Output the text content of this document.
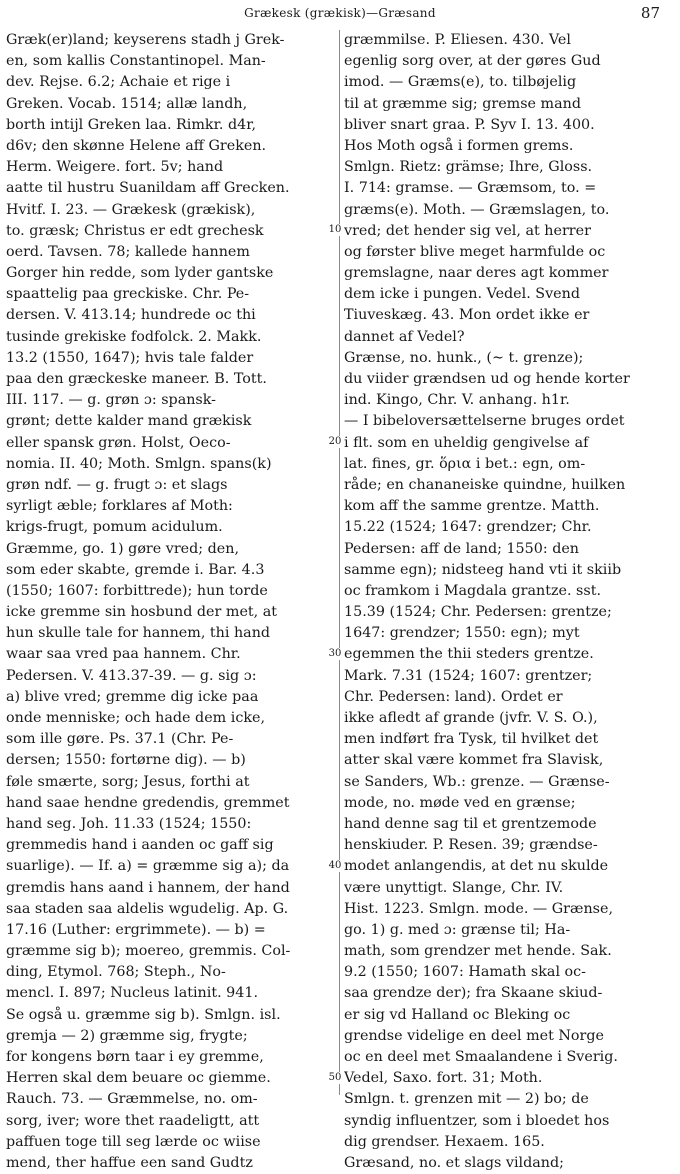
Grækesk (grækisk)—Græsand	87
10
20
30
40
50
Græk(er)land; keyserens stadh j Grek-
en, som kallis Constantinopel. Man-
dev. Rejse. 6.2; Achaie et rige i
Greken. Vocab. 1514; allæ landh,
borth intijl Greken laa. Rimkr. d4r,
d6v; den skønne Helene aff Greken.
Herm. Weigere. fort. 5v; hand
aatte til hustru Suanildam aff Grecken.
Hvitf. I. 23. — Grækesk (grækisk),
to. græsk; Christus er edt grechesk
oerd. Tavsen. 78; kallede hannem
Gorger hin redde, som lyder gantske
spaattelig paa greckiske. Chr. Pe-
dersen. V. 413.14; hundrede oc thi
tusinde grekiske fodfolck. 2. Makk.
13.2 (1550, 1647); hvis tale falder
paa den græckeske maneer. B. Tott.
III. 117. — g. grøn ɔ: spansk-
grønt; dette kalder mand grækisk
eller spansk grøn. Holst, Oeco-
nomia. II. 40; Moth. Smlgn. spans(k)
grøn ndf. — g. frugt ɔ: et slags
syrligt æble; forklares af Moth:
krigs-frugt, pomum acidulum.
Græmme, go. 1) gøre vred; den,
som eder skabte, gremde i. Bar. 4.3
(1550; 1607: forbittrede); hun torde
icke gremme sin hosbund der met, at
hun skulle tale for hannem, thi hand
waar saa vred paa hannem. Chr.
Pedersen. V. 413.37-39. — g. sig ɔ:
a) blive vred; gremme dig icke paa
onde menniske; och hade dem icke,
som ille gøre. Ps. 37.1 (Chr. Pe-
dersen; 1550: fortørne dig). — b)
føle smærte, sorg; Jesus, forthi at
hand saae hendne gredendis, gremmet
hand seg. Joh. 11.33 (1524; 1550:
gremmedis hand i aanden oc gaff sig
suarlige). — If. a) = græmme sig a); da
gremdis hans aand i hannem, der hand
saa staden saa aldelis wgudelig. Ap. G.
17.16 (Luther: ergrimmete). — b) =
græmme sig b); moereo, gremmis. Col-
ding, Etymol. 768; Steph., No-
mencl. I. 897; Nucleus latinit. 941.
Se også u. græmme sig b). Smlgn. isl.
gremja — 2) græmme sig, frygte;
for kongens børn taar i ey gremme,
Herren skal dem beuare oc giemme.
Rauch. 73. — Græmmelse, no. om-
sorg, iver; wore thet raadeligtt, att
paffuen toge till seg lærde oc wiise
mend, ther haffue een sand Gudtz
græmmilse. P. Eliesen. 430. Vel
egenlig sorg over, at der gøres Gud
imod. — Græms(e), to. tilbøjelig
til at græmme sig; gremse mand
bliver snart graa. P. Syv I. 13. 400.
Hos Moth også i formen grems.
Smlgn. Rietz: grämse; Ihre, Gloss.
I. 714: gramse. — Græmsom, to. =
græms(e). Moth. — Græmslagen, to.
vred; det hender sig vel, at herrer
og førster blive meget harmfulde oc
gremslagne, naar deres agt kommer
dem icke i pungen. Vedel. Svend
Tiuveskæg. 43. Mon ordet ikke er
dannet af Vedel?
Grænse, no. hunk., (∼ t. grenze);
du viider grændsen ud og hende korter
ind. Kingo, Chr. V. anhang. h1r.
— I bibeloversættelserne bruges ordet
i flt. som en uheldig gengivelse af
lat. fines, gr. ὅρια i bet.: egn, om-
råde; en chananeiske quindne, huilken
kom aff the samme grentze. Matth.
15.22 (1524; 1647: grendzer; Chr.
Pedersen: aff de land; 1550: den
samme egn); nidsteeg hand vti it skiib
oc framkom i Magdala grantze. sst.
15.39 (1524; Chr. Pedersen: grentze;
1647: grendzer; 1550: egn); myt
egemmen the thii steders grentze.
Mark. 7.31 (1524; 1607: grentzer;
Chr. Pedersen: land). Ordet er
ikke afledt af grande (jvfr. V. S. O.),
men indført fra Tysk, til hvilket det
atter skal være kommet fra Slavisk,
se Sanders, Wb.: grenze. — Grænse-
mode, no. møde ved en grænse;
hand denne sag til et grentzemode
henskiuder. P. Resen. 39; grændse-
modet anlangendis, at det nu skulde
være unyttigt. Slange, Chr. IV.
Hist. 1223. Smlgn. mode. — Grænse,
go. 1) g. med ɔ: grænse til; Ha-
math, som grendzer met hende. Sak.
9.2 (1550; 1607: Hamath skal oc-
saa grendze der); fra Skaane skiud-
er sig vd Halland oc Bleking oc
grendse videlige en deel met Norge
oc en deel met Smaalandene i Sverig.
Vedel, Saxo. fort. 31; Moth.
Smlgn. t. grenzen mit — 2) bo; de
syndig influentzer, som i bloedet hos
dig grendser. Hexaem. 165.
Græsand, no. et slags vildand;
